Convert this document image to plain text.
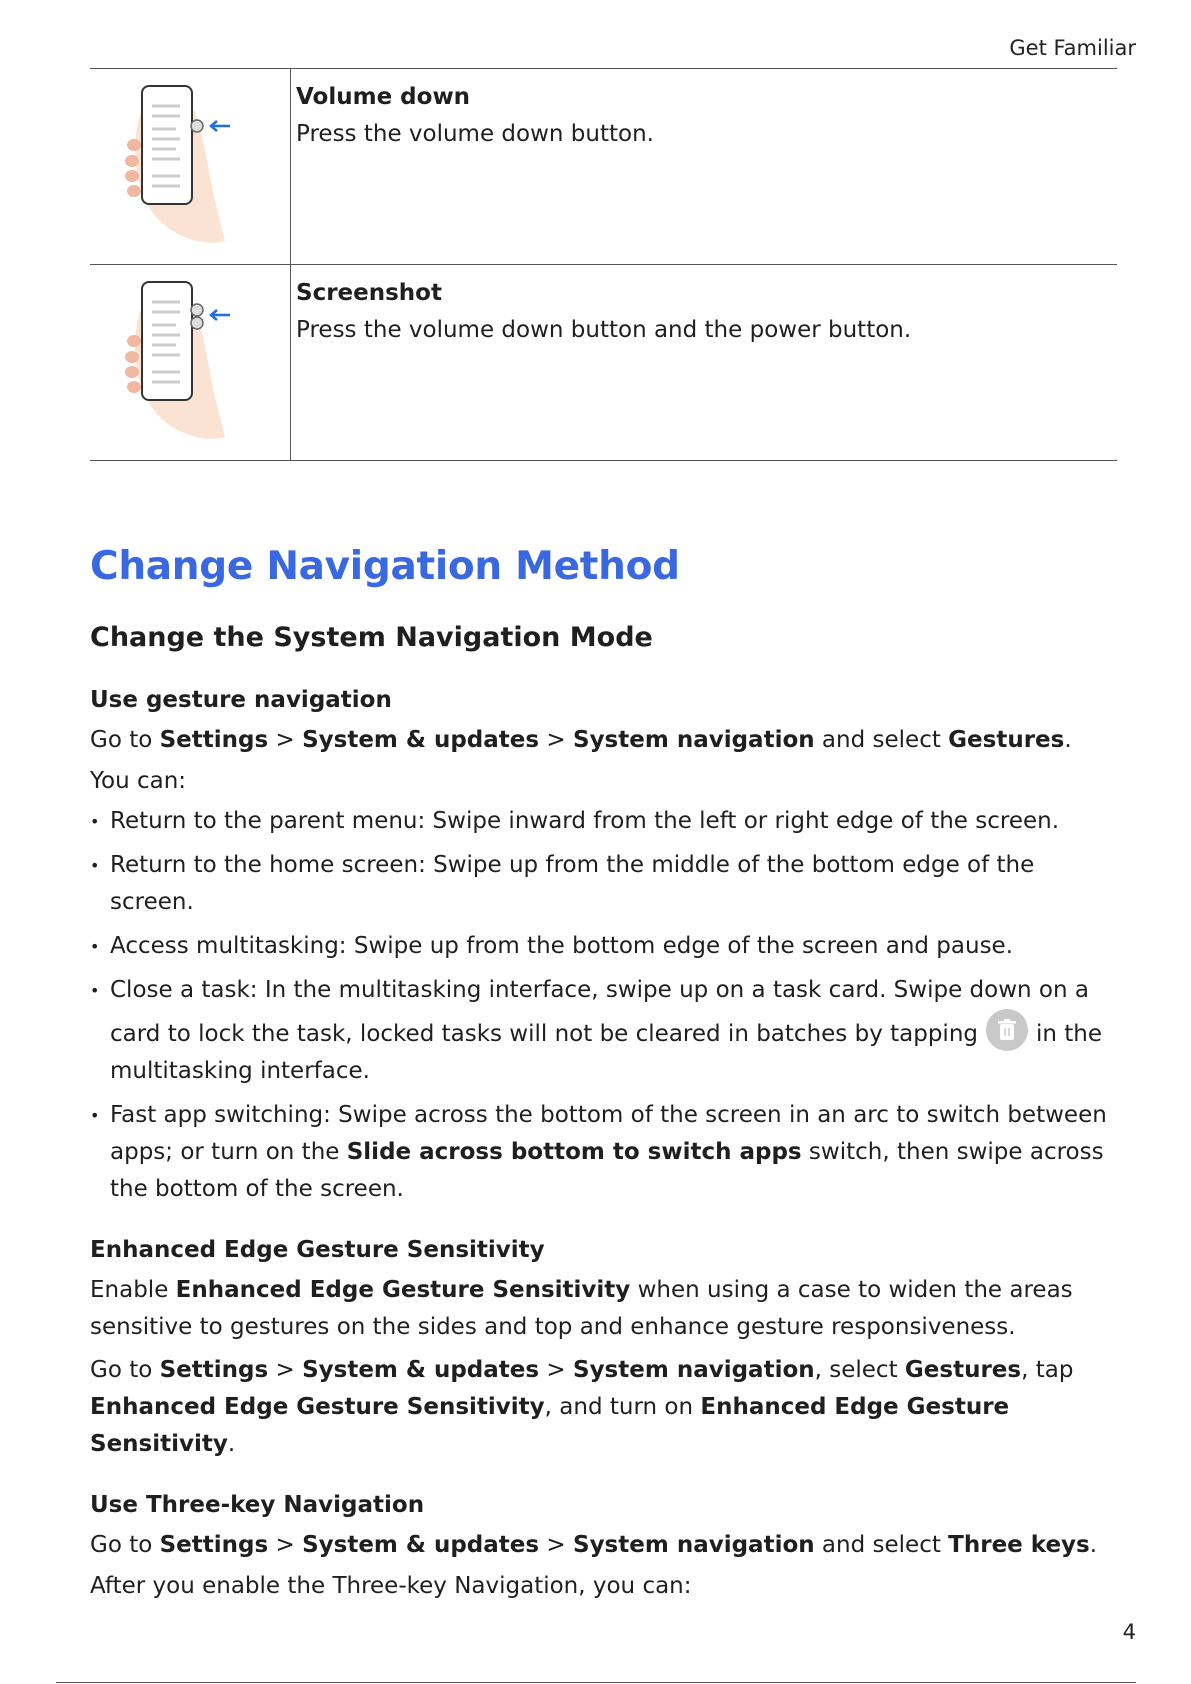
Get Familiar

Volume down

Press the volume down button.

Screenshot

Press the volume down button and the power button.

Change Navigation Method
Change the System Navigation Mode
Use gesture navigation

Go to Settings > System & updates > System navigation and select Gestures.

You can:

• Return to the parent menu: Swipe inward from the left or right edge of the screen.
• Return to the home screen: Swipe up from the middle of the bottom edge of the screen.
• Access multitasking: Swipe up from the bottom edge of the screen and pause.
• Close a task: In the multitasking interface, swipe up on a task card. Swipe down on a card to lock the task, locked tasks will not be cleared in batches by tapping	in the multitasking interface.
• Fast app switching: Swipe across the bottom of the screen in an arc to switch between apps; or turn on the Slide across bottom to switch apps switch, then swipe across the bottom of the screen.
Enhanced Edge Gesture Sensitivity

Enable Enhanced Edge Gesture Sensitivity when using a case to widen the areas sensitive to gestures on the sides and top and enhance gesture responsiveness.

Go to Settings > System & updates > System navigation, select Gestures, tap Enhanced Edge Gesture Sensitivity, and turn on Enhanced Edge Gesture Sensitivity.

Use Three-key Navigation

Go to Settings > System & updates > System navigation and select Three keys.

After you enable the Three-key Navigation, you can:

4
